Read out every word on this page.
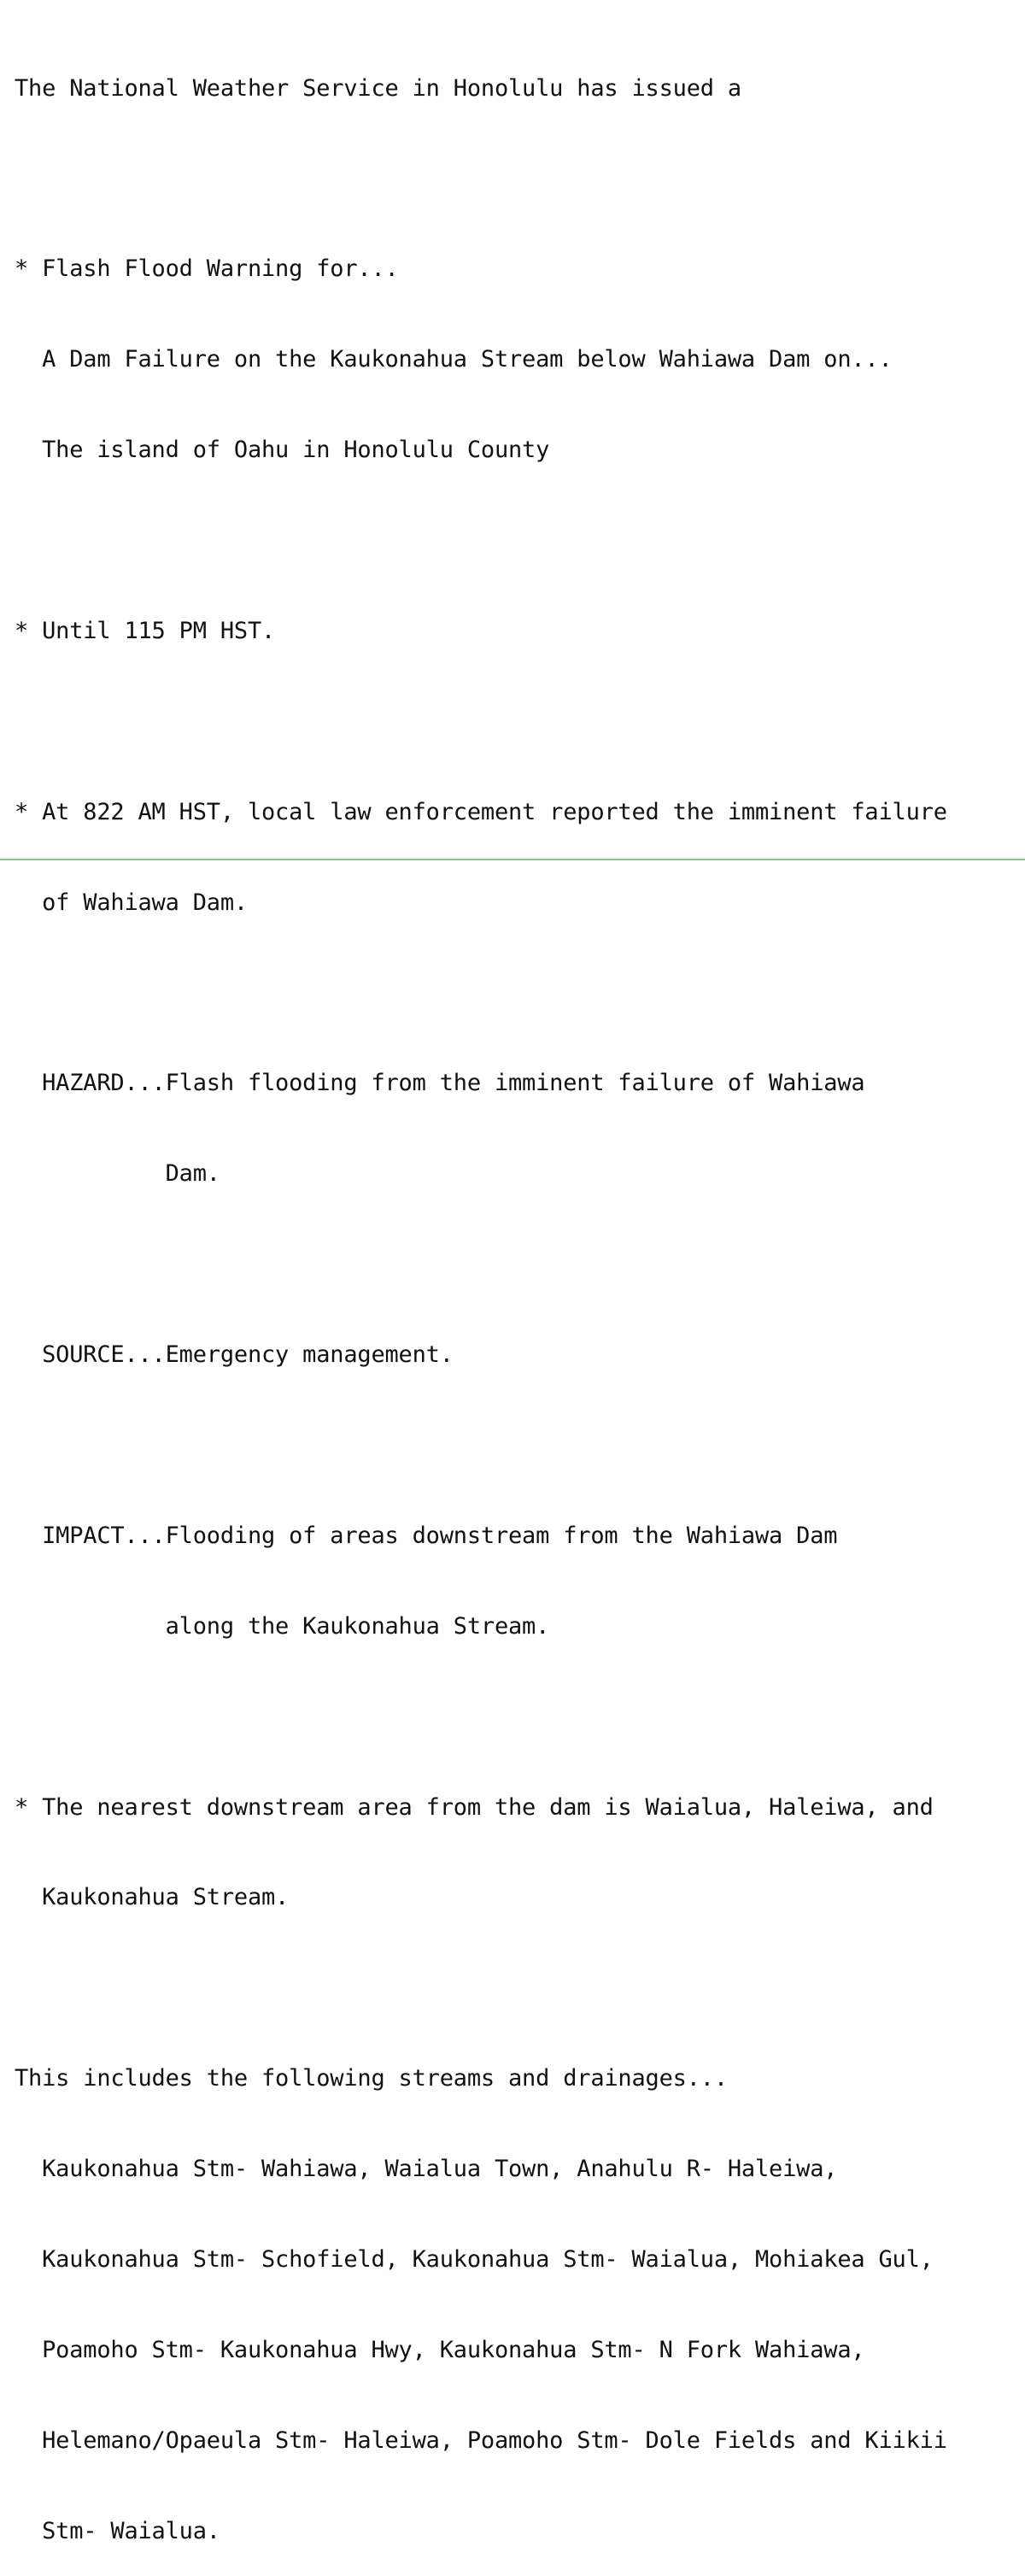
The National Weather Service in Honolulu has issued a

* Flash Flood Warning for...

A Dam Failure on the Kaukonahua Stream below Wahiawa Dam on...

The island of Oahu in Honolulu County

* Until 115 PM HST.

* At 822 AM HST, local law enforcement reported the imminent failure

of Wahiawa Dam.

HAZARD...Flash flooding from the imminent failure of Wahiawa

Dam.

SOURCE...Emergency management.

IMPACT...Flooding of areas downstream from the Wahiawa Dam

along the Kaukonahua Stream.

* The nearest downstream area from the dam is Waialua, Haleiwa, and

Kaukonahua Stream.

This includes the following streams and drainages...

Kaukonahua Stm- Wahiawa, Waialua Town, Anahulu R- Haleiwa,

Kaukonahua Stm- Schofield, Kaukonahua Stm- Waialua, Mohiakea Gul,

Poamoho Stm- Kaukonahua Hwy, Kaukonahua Stm- N Fork Wahiawa,

Helemano/Opaeula Stm- Haleiwa, Poamoho Stm- Dole Fields and Kiikii

Stm- Waialua.
